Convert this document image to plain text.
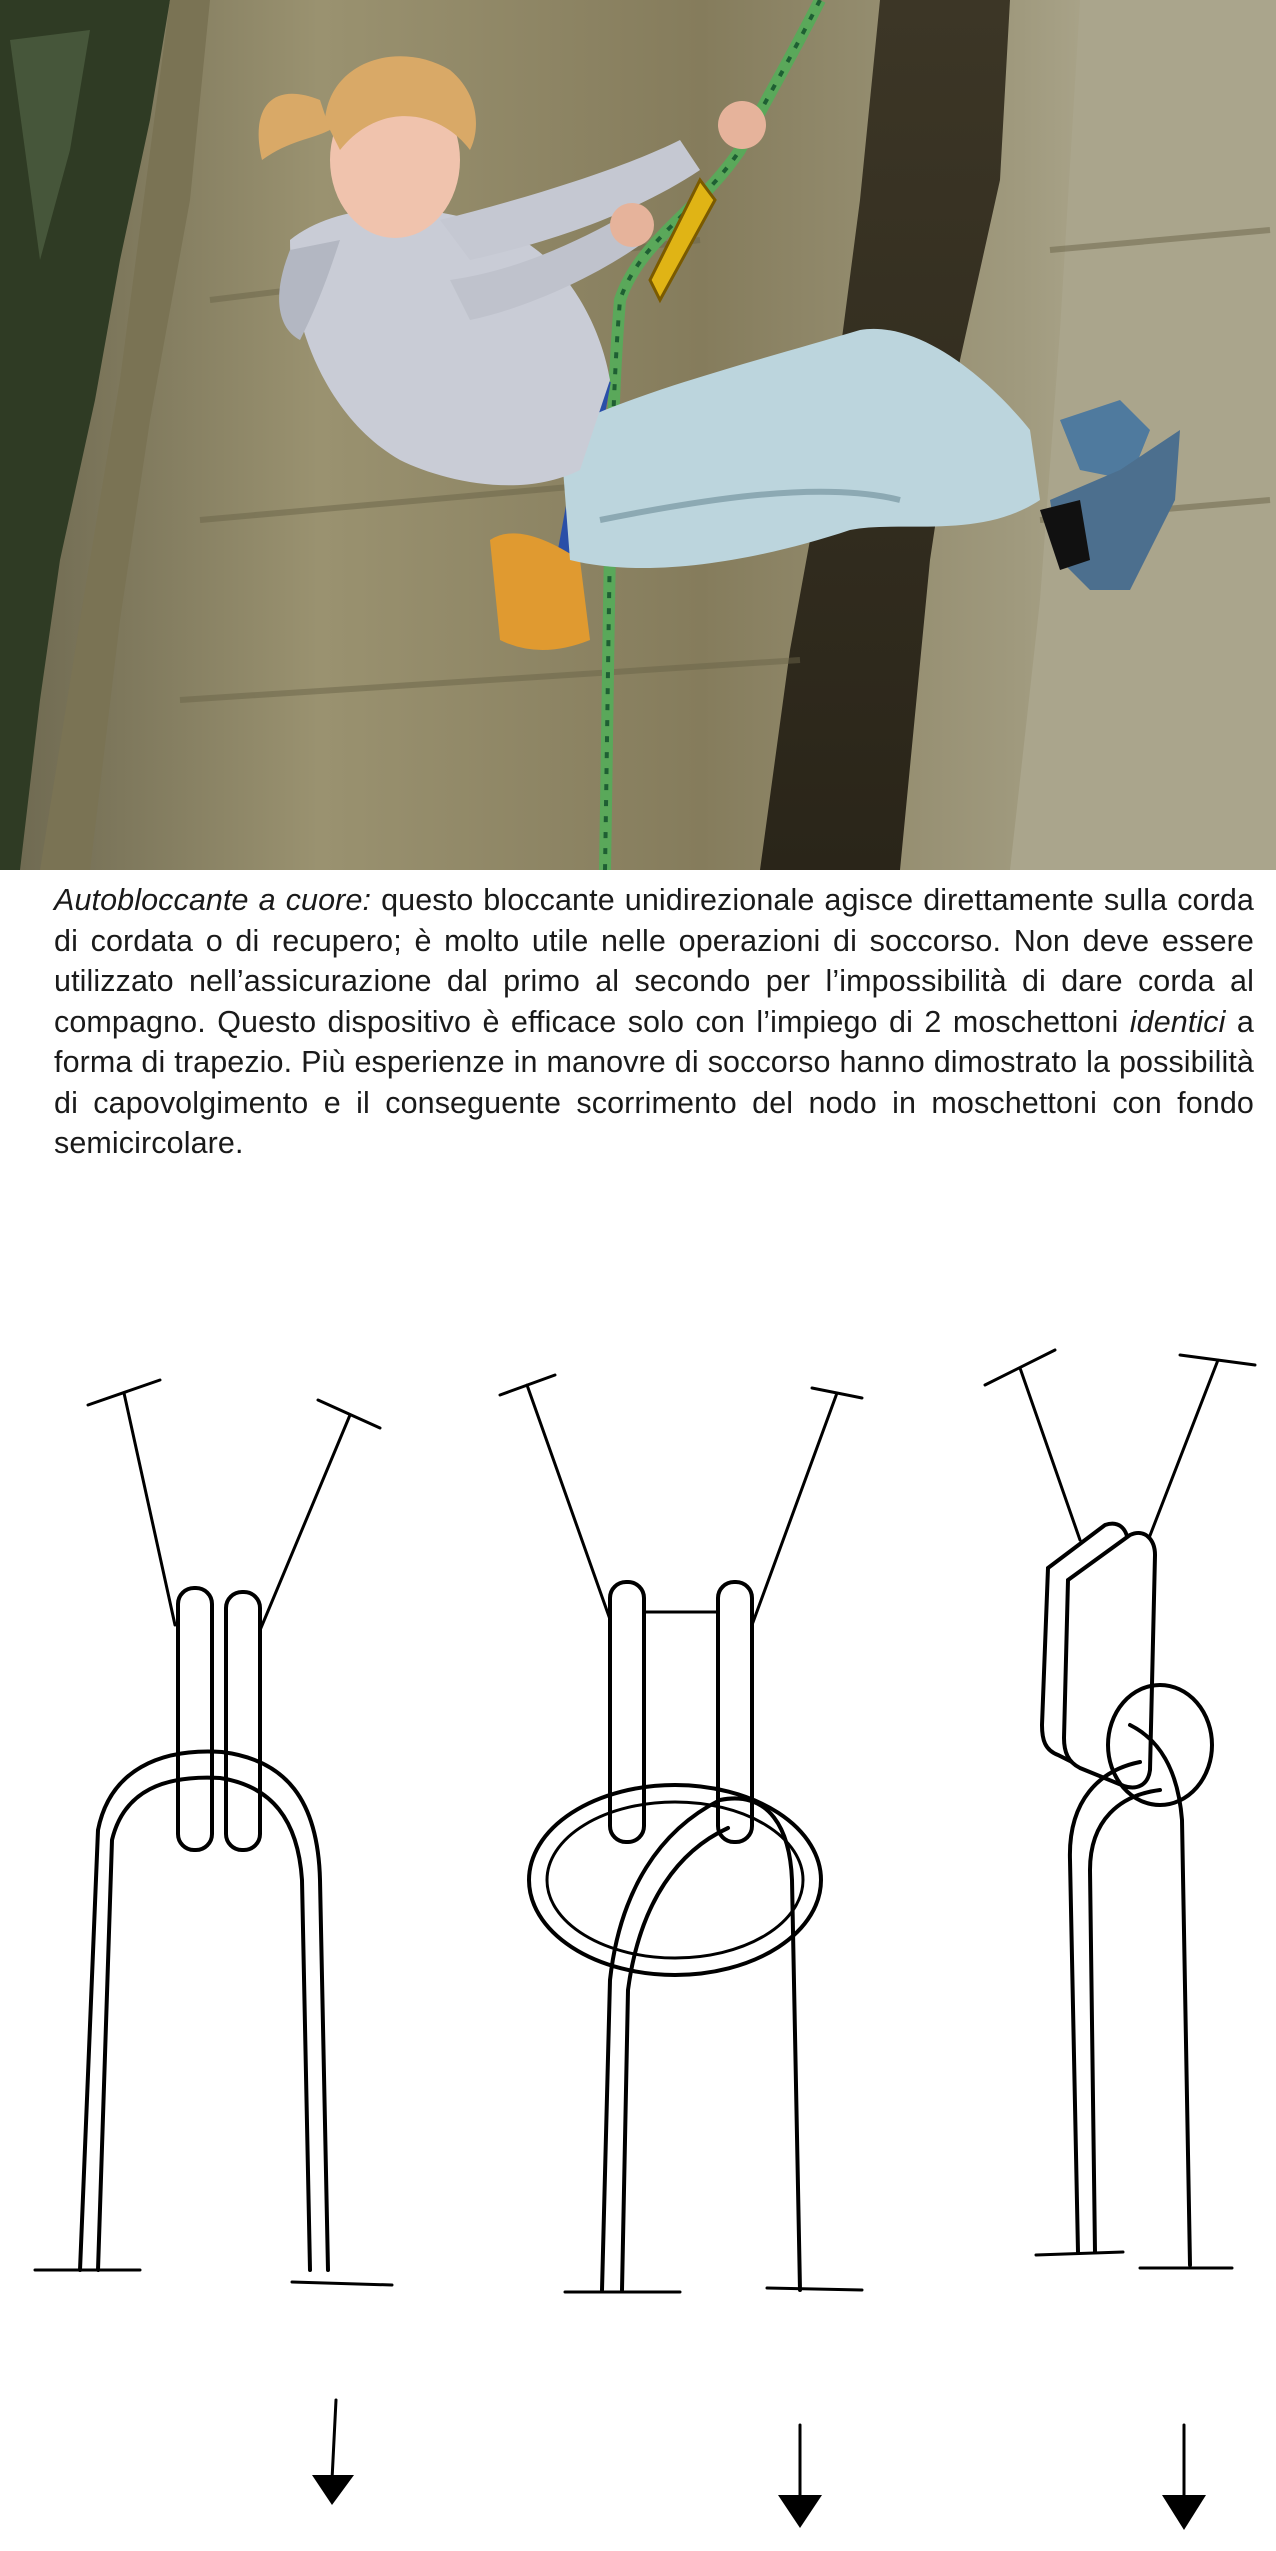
Autobloccante a cuore: questo bloccante unidirezionale agisce direttamente sulla corda di cordata o di recupero; è molto utile nelle operazioni di soccorso. Non deve essere utilizzato nell’assicurazione dal primo al secondo per l’impossibilità di dare corda al compagno. Questo dispositivo è efficace solo con l’impiego di 2 moschettoni identici a forma di trapezio. Più esperienze in manovre di soccorso hanno dimostrato la possibilità di capovolgimento e il conseguente scorrimento del nodo in moschettoni con fondo semicircolare.
